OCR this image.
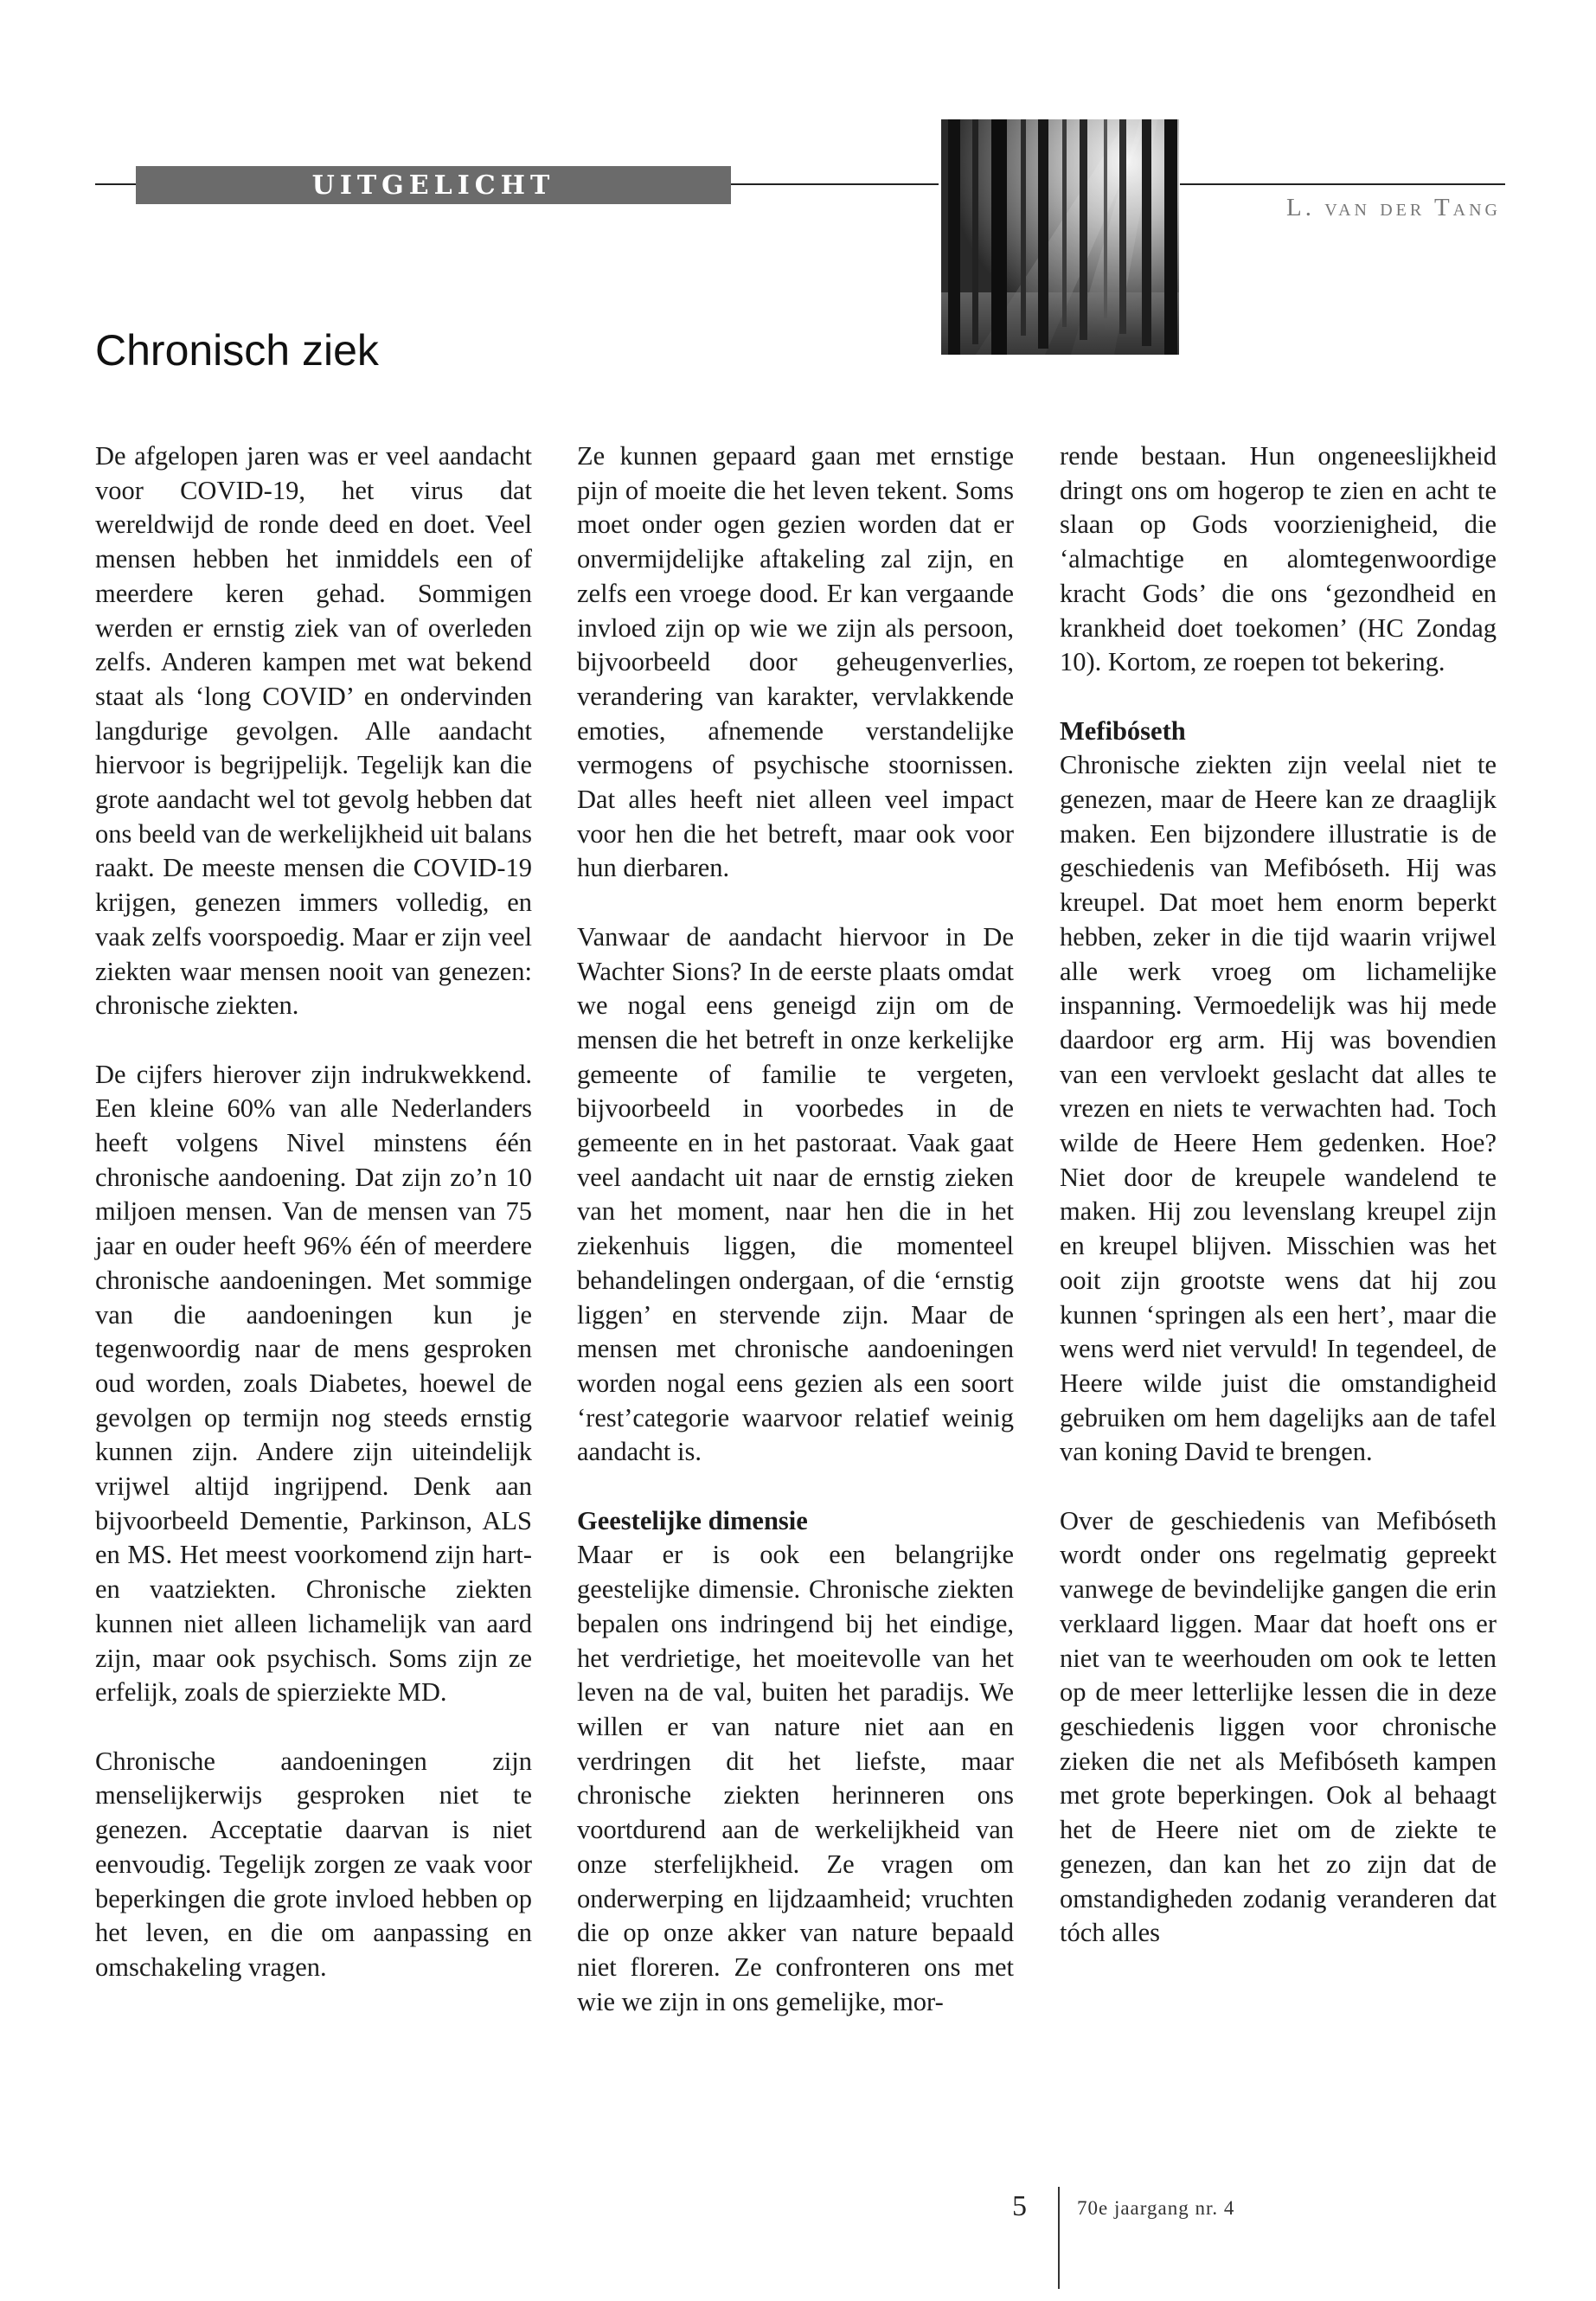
UITGELICHT
L. van der Tang
Chronisch ziek

De afgelopen jaren was er veel aandacht voor COVID-19, het virus dat wereldwijd de ronde deed en doet. Veel mensen hebben het inmiddels een of meerdere keren gehad. Sommigen werden er ernstig ziek van of overleden zelfs. Anderen kampen met wat bekend staat als ‘long COVID’ en ondervinden langdurige gevolgen. Alle aandacht hiervoor is begrijpelijk. Tegelijk kan die grote aandacht wel tot gevolg hebben dat ons beeld van de werkelijkheid uit balans raakt. De meeste mensen die COVID-19 krijgen, genezen immers volledig, en vaak zelfs voorspoedig. Maar er zijn veel ziekten waar mensen nooit van genezen: chronische ziekten.

De cijfers hierover zijn indrukwekkend. Een kleine 60% van alle Nederlanders heeft volgens Nivel minstens één chronische aandoening. Dat zijn zo’n 10 miljoen mensen. Van de mensen van 75 jaar en ouder heeft 96% één of meerdere chronische aandoeningen. Met sommige van die aandoeningen kun je tegenwoordig naar de mens gesproken oud worden, zoals Diabetes, hoewel de gevolgen op termijn nog steeds ernstig kunnen zijn. Andere zijn uiteindelijk vrijwel altijd ingrijpend. Denk aan bijvoorbeeld Dementie, Parkinson, ALS en MS. Het meest voorkomend zijn hart- en vaatziekten. Chronische ziekten kunnen niet alleen lichamelijk van aard zijn, maar ook psychisch. Soms zijn ze erfelijk, zoals de spierziekte MD.

Chronische aandoeningen zijn menselijkerwijs gesproken niet te genezen. Acceptatie daarvan is niet eenvoudig. Tegelijk zorgen ze vaak voor beperkingen die grote invloed hebben op het leven, en die om aanpassing en omschakeling vragen.

Ze kunnen gepaard gaan met ernstige pijn of moeite die het leven tekent. Soms moet onder ogen gezien worden dat er onvermijdelijke aftakeling zal zijn, en zelfs een vroege dood. Er kan vergaande invloed zijn op wie we zijn als persoon, bijvoorbeeld door geheugenverlies, verandering van karakter, vervlakkende emoties, afnemende verstandelijke vermogens of psychische stoornissen. Dat alles heeft niet alleen veel impact voor hen die het betreft, maar ook voor hun dierbaren.

Vanwaar de aandacht hiervoor in De Wachter Sions? In de eerste plaats omdat we nogal eens geneigd zijn om de mensen die het betreft in onze kerkelijke gemeente of familie te vergeten, bijvoorbeeld in voorbedes in de gemeente en in het pastoraat. Vaak gaat veel aandacht uit naar de ernstig zieken van het moment, naar hen die in het ziekenhuis liggen, die momenteel behandelingen ondergaan, of die ‘ernstig liggen’ en stervende zijn. Maar de mensen met chronische aandoeningen worden nogal eens gezien als een soort ‘rest’categorie waarvoor relatief weinig aandacht is.

Geestelijke dimensie

Maar er is ook een belangrijke geestelijke dimensie. Chronische ziekten bepalen ons indringend bij het eindige, het verdrietige, het moeitevolle van het leven na de val, buiten het paradijs. We willen er van nature niet aan en verdringen dit het liefste, maar chronische ziekten herinneren ons voortdurend aan de werkelijkheid van onze sterfelijkheid. Ze vragen om onderwerping en lijdzaamheid; vruchten die op onze akker van nature bepaald niet floreren. Ze confronteren ons met wie we zijn in ons gemelijke, mor-

rende bestaan. Hun ongeneeslijkheid dringt ons om hogerop te zien en acht te slaan op Gods voorzienigheid, die ‘almachtige en alomtegenwoordige kracht Gods’ die ons ‘gezondheid en krankheid doet toekomen’ (HC Zondag 10). Kortom, ze roepen tot bekering.

Mefibóseth

Chronische ziekten zijn veelal niet te genezen, maar de Heere kan ze draaglijk maken. Een bijzondere illustratie is de geschiedenis van Mefibóseth. Hij was kreupel. Dat moet hem enorm beperkt hebben, zeker in die tijd waarin vrijwel alle werk vroeg om lichamelijke inspanning. Vermoedelijk was hij mede daardoor erg arm. Hij was bovendien van een vervloekt geslacht dat alles te vrezen en niets te verwachten had. Toch wilde de Heere Hem gedenken. Hoe? Niet door de kreupele wandelend te maken. Hij zou levenslang kreupel zijn en kreupel blijven. Misschien was het ooit zijn grootste wens dat hij zou kunnen ‘springen als een hert’, maar die wens werd niet vervuld! In tegendeel, de Heere wilde juist die omstandigheid gebruiken om hem dagelijks aan de tafel van koning David te brengen.

Over de geschiedenis van Mefibóseth wordt onder ons regelmatig gepreekt vanwege de bevindelijke gangen die erin verklaard liggen. Maar dat hoeft ons er niet van te weerhouden om ook te letten op de meer letterlijke lessen die in deze geschiedenis liggen voor chronische zieken die net als Mefibóseth kampen met grote beperkingen. Ook al behaagt het de Heere niet om de ziekte te genezen, dan kan het zo zijn dat de omstandigheden zodanig veranderen dat tóch alles

5	70e jaargang nr. 4
